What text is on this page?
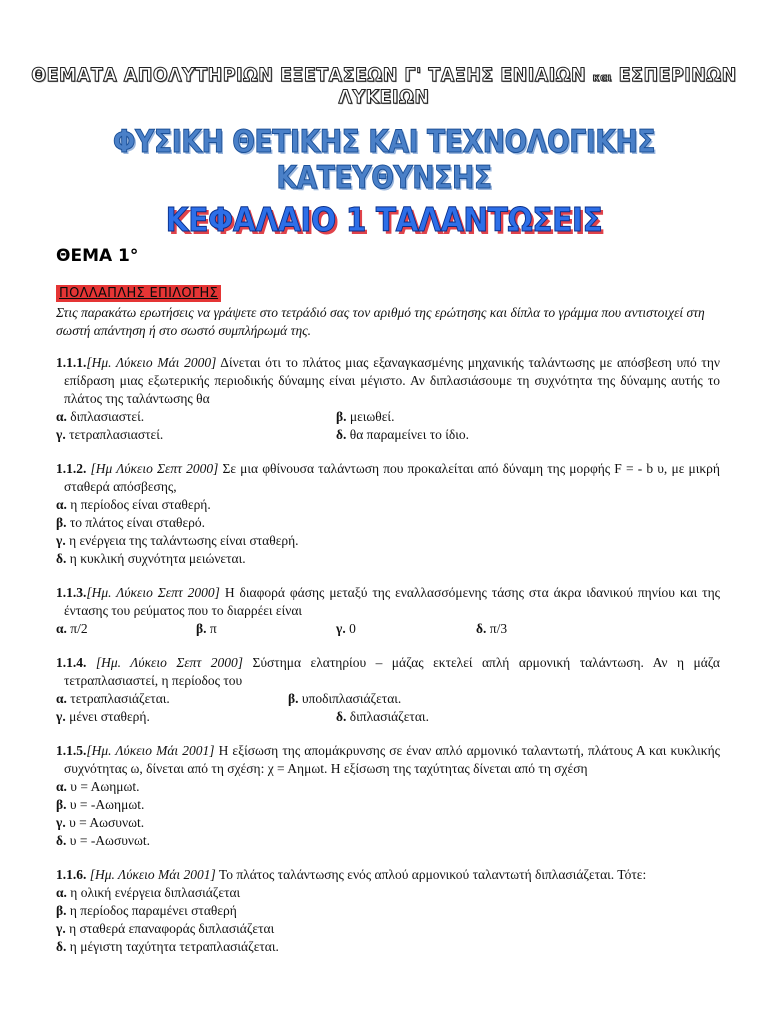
ΘΕΜΑΤΑ ΑΠΟΛΥΤΗΡΙΩΝ ΕΞΕΤΑΣΕΩΝ Γ' ΤΑΞΗΣ ΕΝΙΑΙΩΝ και ΕΣΠΕΡΙΝΩΝ ΛΥΚΕΙΩΝ
ΦΥΣΙΚΗ ΘΕΤΙΚΗΣ ΚΑΙ ΤΕΧΝΟΛΟΓΙΚΗΣ ΚΑΤΕΥΘΥΝΣΗΣ
ΚΕΦΑΛΑΙΟ 1 ΤΑΛΑΝΤΩΣΕΙΣ
ΘΕΜΑ 1°
ΠΟΛΛΑΠΛΗΣ ΕΠΙΛΟΓΗΣ

Στις παρακάτω ερωτήσεις να γράψετε στο τετράδιό σας τον αριθμό της ερώτησης και δίπλα το γράμμα που αντιστοιχεί στη σωστή απάντηση ή στο σωστό συμπλήρωμά της.

1.1.1.[Ημ. Λύκειο Μάι 2000] Δίνεται ότι το πλάτος μιας εξαναγκασμένης μηχανικής ταλάντωσης με απόσβεση υπό την επίδραση μιας εξωτερικής περιοδικής δύναμης είναι μέγιστο. Αν διπλασιάσουμε τη συχνότητα της δύναμης αυτής το πλάτος της ταλάντωσης θα
α. διπλασιαστεί.	β. μειωθεί.
γ. τετραπλασιαστεί.	δ. θα παραμείνει το ίδιο.
1.1.2. [Ημ Λύκειο Σεπτ 2000] Σε μια φθίνουσα ταλάντωση που προκαλείται από δύναμη της μορφής F = - b υ, με μικρή σταθερά απόσβεσης,
α. η περίοδος είναι σταθερή.
β. το πλάτος είναι σταθερό.
γ. η ενέργεια της ταλάντωσης είναι σταθερή.
δ. η κυκλική συχνότητα μειώνεται.
1.1.3.[Ημ. Λύκειο Σεπτ 2000] Η διαφορά φάσης μεταξύ της εναλλασσόμενης τάσης στα άκρα ιδανικού πηνίου και της έντασης του ρεύματος που το διαρρέει είναι
α. π/2	β. π	γ. 0	δ. π/3
1.1.4. [Ημ. Λύκειο Σεπτ 2000] Σύστημα ελατηρίου – μάζας εκτελεί απλή αρμονική ταλάντωση. Αν η μάζα τετραπλασιαστεί, η περίοδος του
α. τετραπλασιάζεται.	β. υποδιπλασιάζεται.
γ. μένει σταθερή.	δ. διπλασιάζεται.
1.1.5.[Ημ. Λύκειο Μάι 2001] Η εξίσωση της απομάκρυνσης σε έναν απλό αρμονικό ταλαντωτή, πλάτους Α και κυκλικής συχνότητας ω, δίνεται από τη σχέση: χ = Αημωt. Η εξίσωση της ταχύτητας δίνεται από τη σχέση
α. υ = Αωημωt.
β. υ = -Αωημωt.
γ. υ = Αωσυνωt.
δ. υ = -Αωσυνωt.
1.1.6. [Ημ. Λύκειο Μάι 2001] Το πλάτος ταλάντωσης ενός απλού αρμονικού ταλαντωτή διπλασιάζεται. Τότε:
α. η ολική ενέργεια διπλασιάζεται
β. η περίοδος παραμένει σταθερή
γ. η σταθερά επαναφοράς διπλασιάζεται
δ. η μέγιστη ταχύτητα τετραπλασιάζεται.
